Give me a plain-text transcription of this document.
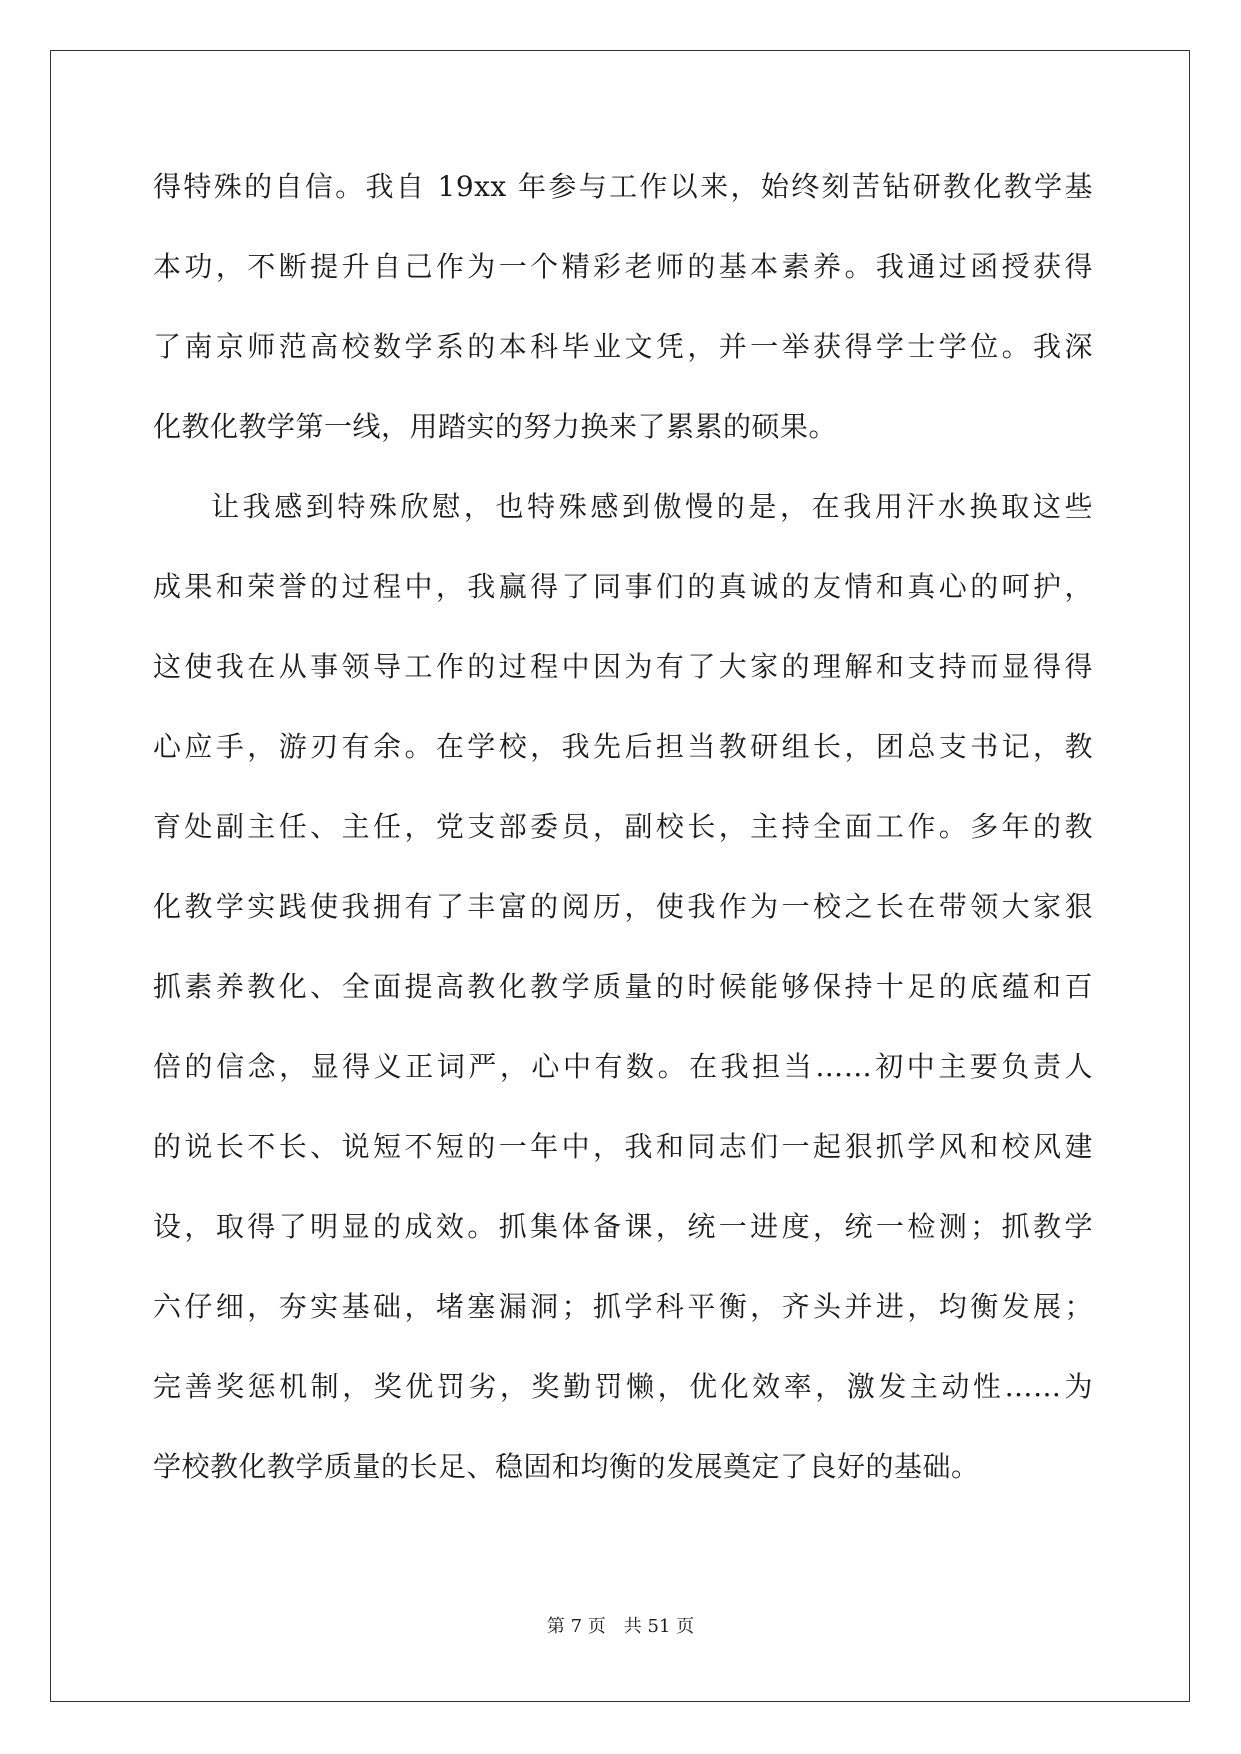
得特殊的自信。我自 19xx 年参与工作以来，始终刻苦钻研教化教学基
本功，不断提升自己作为一个精彩老师的基本素养。我通过函授获得
了南京师范高校数学系的本科毕业文凭，并一举获得学士学位。我深
化教化教学第一线，用踏实的努力换来了累累的硕果。
让我感到特殊欣慰，也特殊感到傲慢的是，在我用汗水换取这些
成果和荣誉的过程中，我赢得了同事们的真诚的友情和真心的呵护，
这使我在从事领导工作的过程中因为有了大家的理解和支持而显得得
心应手，游刃有余。在学校，我先后担当教研组长，团总支书记，教
育处副主任、主任，党支部委员，副校长，主持全面工作。多年的教
化教学实践使我拥有了丰富的阅历，使我作为一校之长在带领大家狠
抓素养教化、全面提高教化教学质量的时候能够保持十足的底蕴和百
倍的信念，显得义正词严，心中有数。在我担当……初中主要负责人
的说长不长、说短不短的一年中，我和同志们一起狠抓学风和校风建
设，取得了明显的成效。抓集体备课，统一进度，统一检测；抓教学
六仔细，夯实基础，堵塞漏洞；抓学科平衡，齐头并进，均衡发展；
完善奖惩机制，奖优罚劣，奖勤罚懒，优化效率，激发主动性……为
学校教化教学质量的长足、稳固和均衡的发展奠定了良好的基础。
第 7 页 共 51 页
